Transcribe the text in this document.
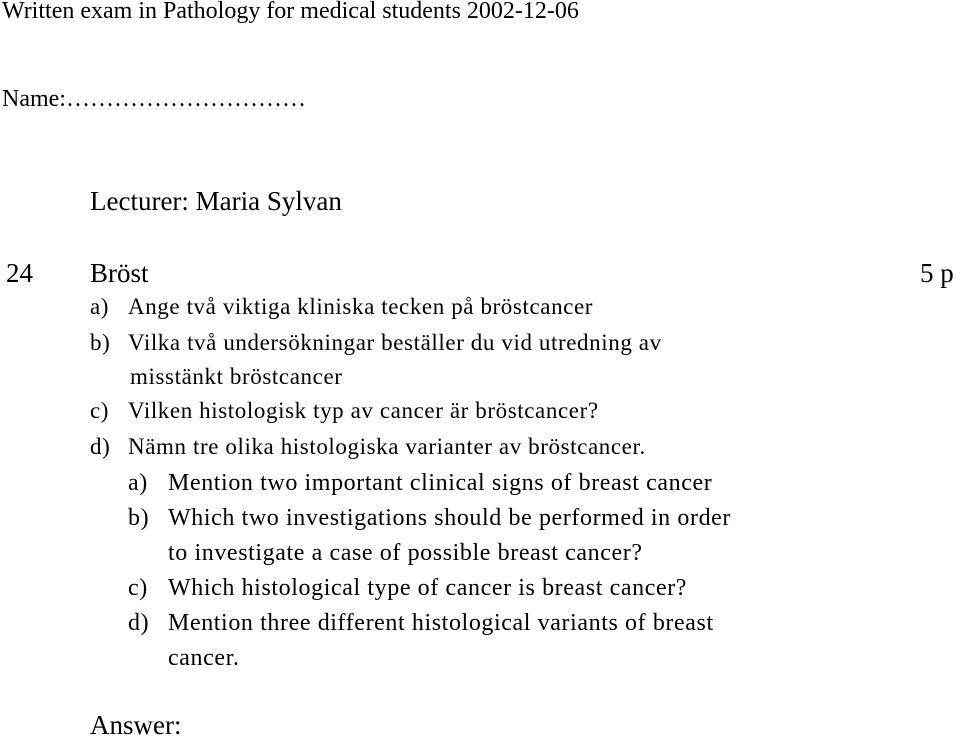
Written exam in Pathology for medical students 2002-12-06
Name:…………………………
Lecturer: Maria Sylvan
24 Bröst	5 p
a) Ange två viktiga kliniska tecken på bröstcancer
b) Vilka två undersökningar beställer du vid utredning av
misstänkt bröstcancer
c) Vilken histologisk typ av cancer är bröstcancer?
d) Nämn tre olika histologiska varianter av bröstcancer.
a) Mention two important clinical signs of breast cancer
b) Which two investigations should be performed in order
to investigate a case of possible breast cancer?
c) Which histological type of cancer is breast cancer?
d) Mention three different histological variants of breast
cancer.
Answer:
